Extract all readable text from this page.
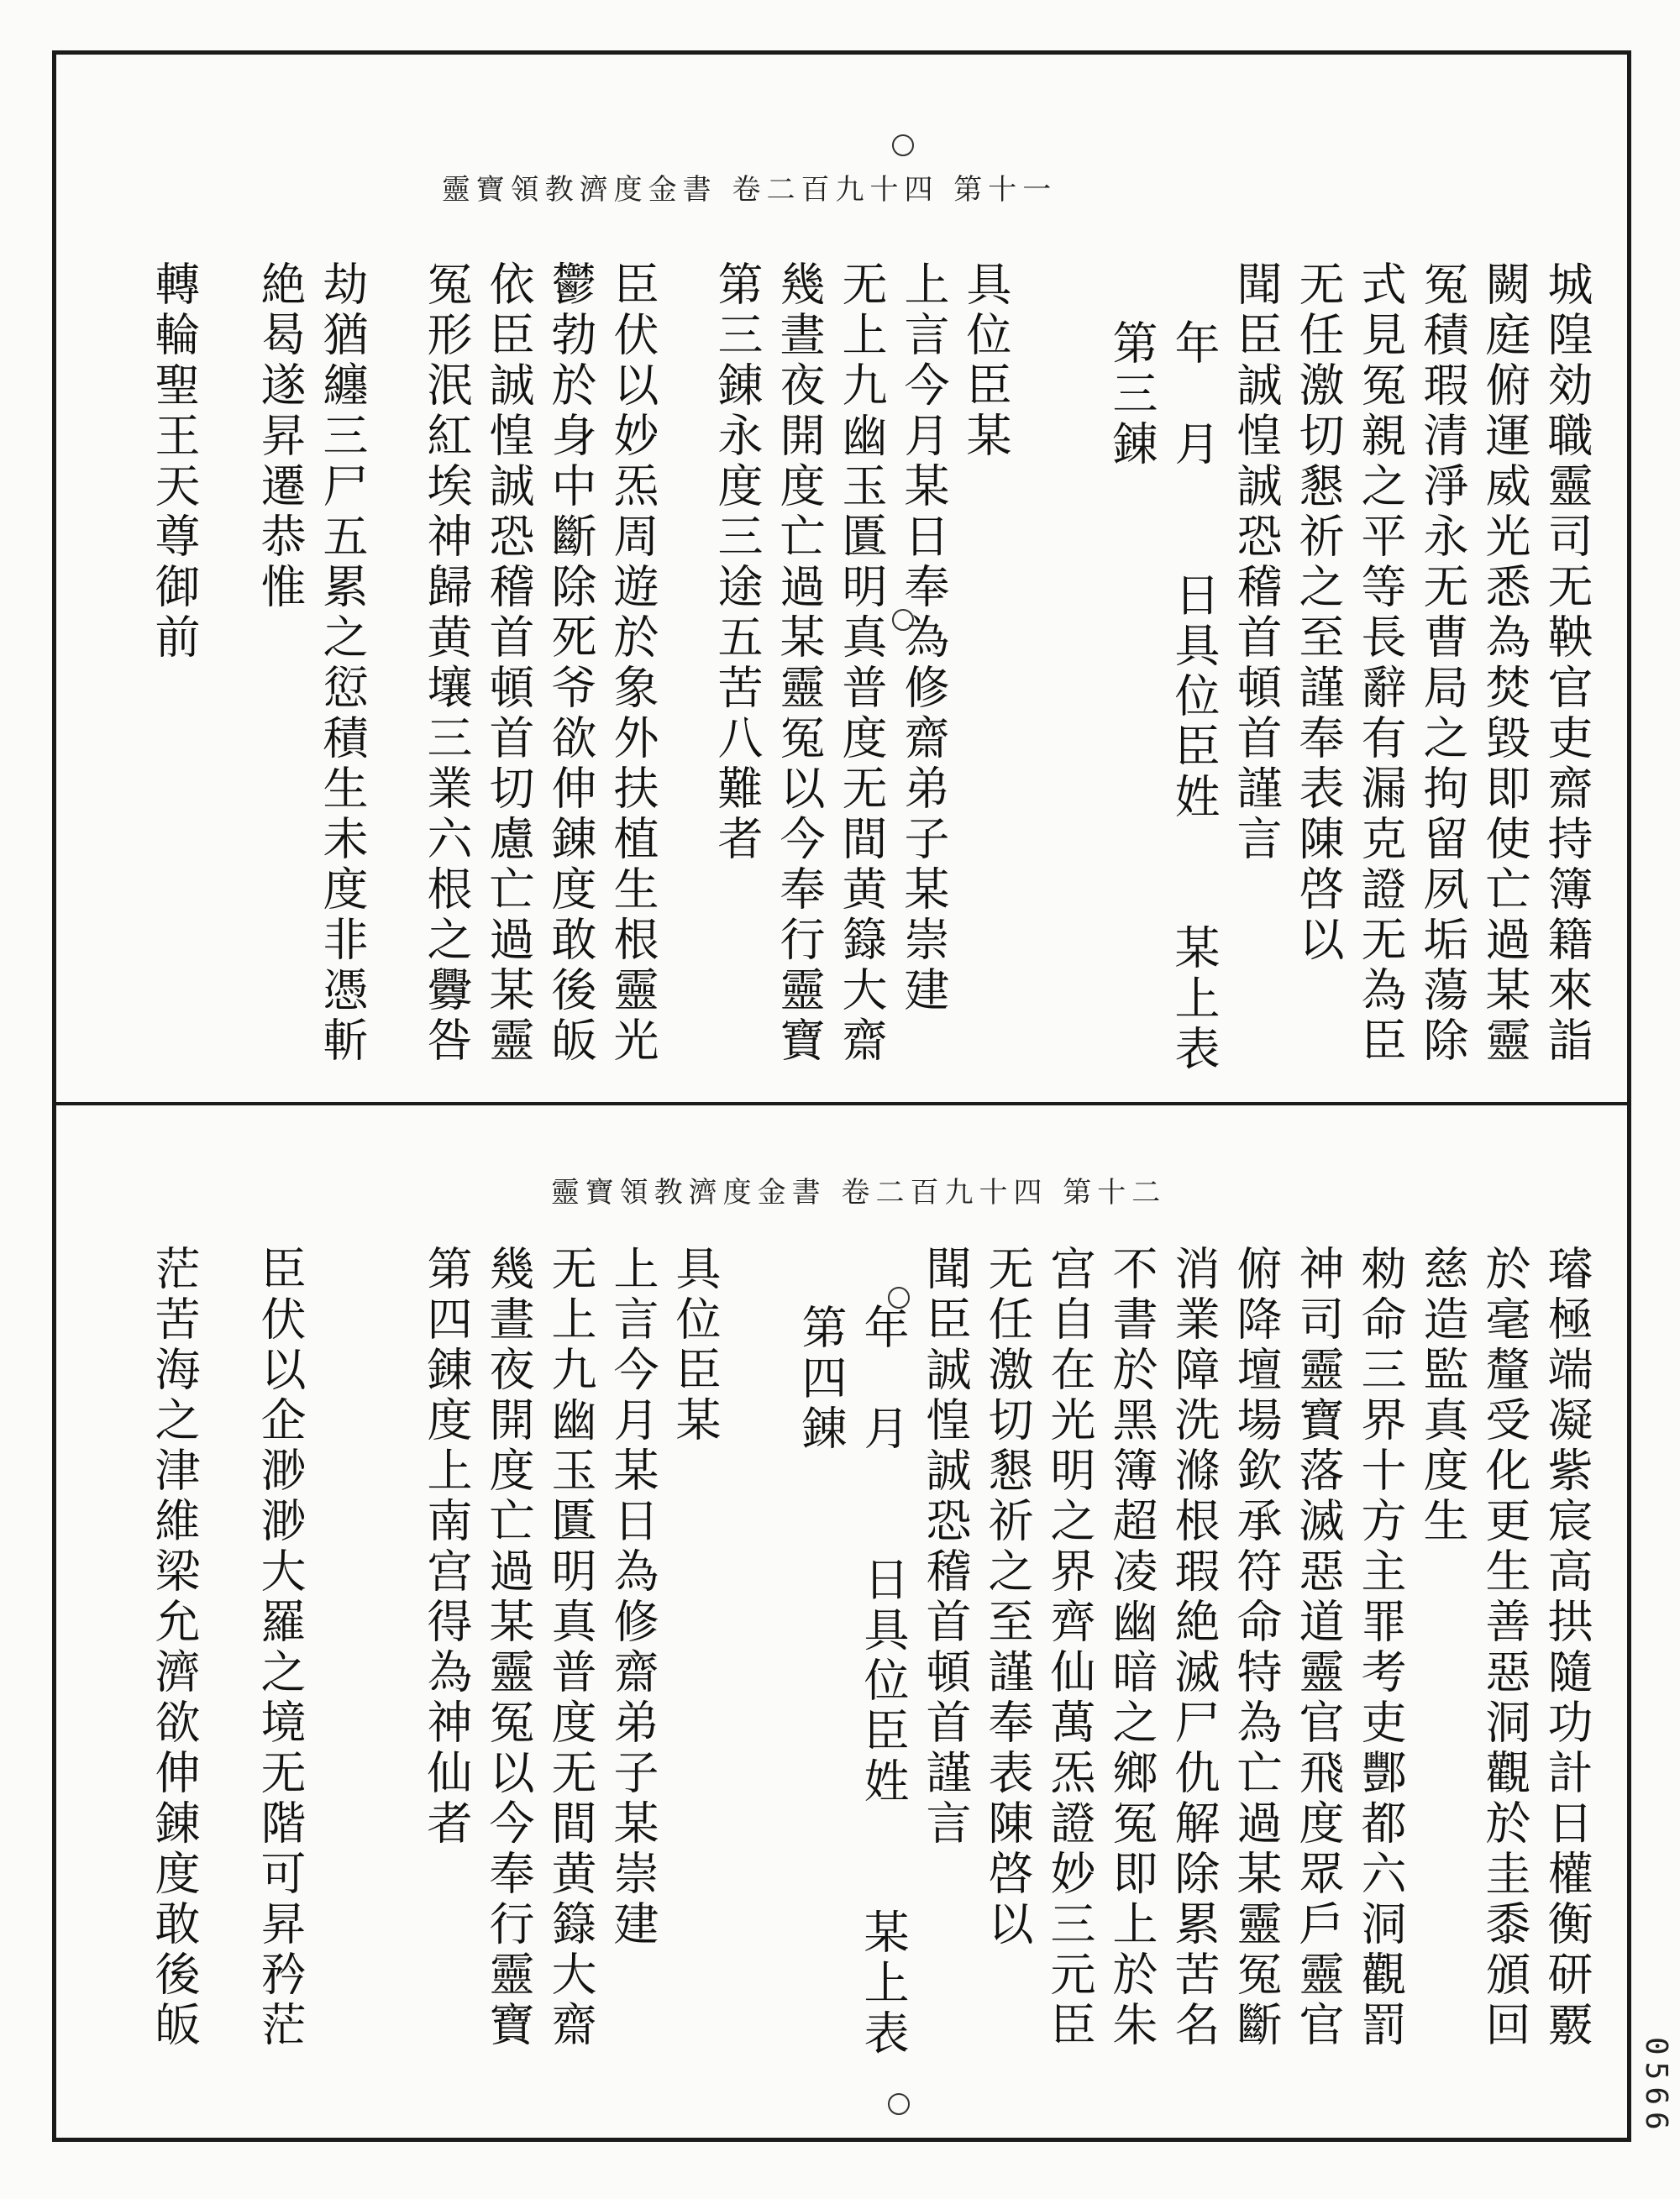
靈寶領教濟度金書 卷二百九十四 第十一
城隍効職靈司无鞅官吏齋持簿籍來詣
闕庭俯運威光悉為焚毀即使亡過某靈
冤積瑕清淨永无曹局之拘留夙垢蕩除
式見冤親之平等長辭有漏克證无為臣
无任激切懇祈之至謹奉表陳啓以
聞臣誠惶誠恐稽首頓首謹言
年　月　　日具位臣姓　　某上表
第三錬
具位臣某
上言今月某日奉為修齋弟子某崇建
无上九幽玉匱明真普度无間黄籙大齋
幾晝夜開度亡過某靈冤以今奉行靈寶
第三錬永度三途五苦八難者
臣伏以妙炁周遊於象外扶植生根靈光
鬱勃於身中斷除死爷欲伸錬度敢後皈
依臣誠惶誠恐稽首頓首切慮亡過某靈
冤形泯紅埃神歸黄壤三業六根之釁咎
劫猶纏三尸五累之愆積生未度非憑斬
絶曷遂昇遷恭惟
轉輪聖王天尊御前
靈寶領教濟度金書 卷二百九十四 第十二
璿極端凝紫宸高拱隨功計日權衡研覈
於毫釐受化更生善惡洞觀於圭黍頒回
慈造監真度生
勑命三界十方主罪考吏酆都六洞觀罰
神司靈寶落滅惡道靈官飛度眾戶靈官
俯降壇場欽承符命特為亡過某靈冤斷
消業障洗滌根瑕絶滅尸仇解除累苦名
不書於黑簿超凌幽暗之鄉冤即上於朱
宫自在光明之界齊仙萬炁證妙三元臣
无任激切懇祈之至謹奉表陳啓以
聞臣誠惶誠恐稽首頓首謹言
年　月　　日具位臣姓　　某上表
第四錬
具位臣某
上言今月某日為修齋弟子某崇建
无上九幽玉匱明真普度无間黄籙大齋
幾晝夜開度亡過某靈冤以今奉行靈寶
第四錬度上南宫得為神仙者
臣伏以企渺渺大羅之境无階可昇矜茫
茫苦海之津維梁允濟欲伸錬度敢後皈
0566
